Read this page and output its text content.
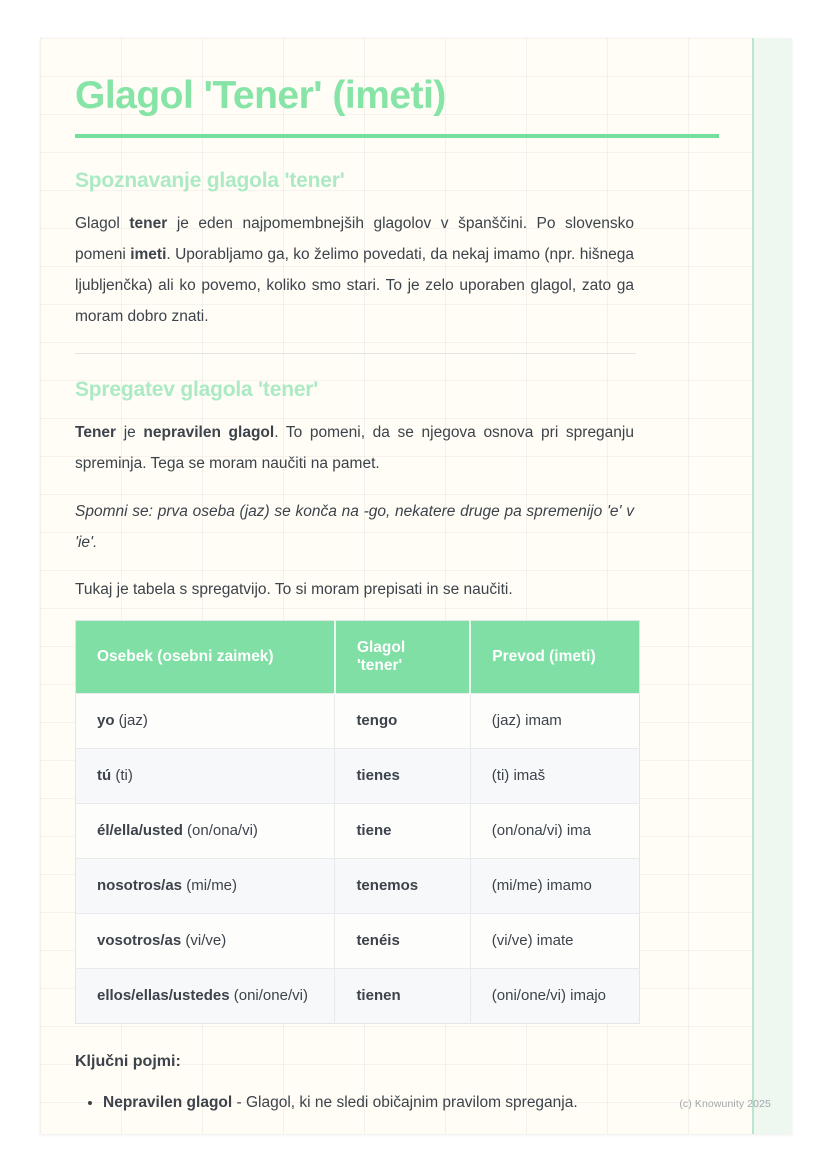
Glagol 'Tener' (imeti)
Spoznavanje glagola 'tener'

Glagol tener je eden najpomembnejših glagolov v španščini. Po slovensko pomeni imeti. Uporabljamo ga, ko želimo povedati, da nekaj imamo (npr. hišnega ljubljenčka) ali ko povemo, koliko smo stari. To je zelo uporaben glagol, zato ga moram dobro znati.

Spregatev glagola 'tener'

Tener je nepravilen glagol. To pomeni, da se njegova osnova pri spreganju spreminja. Tega se moram naučiti na pamet.

Spomni se: prva oseba (jaz) se konča na -go, nekatere druge pa spremenijo 'e' v 'ie'.

Tukaj je tabela s spregatvijo. To si moram prepisati in se naučiti.

Osebek (osebni zaimek)	Glagol 'tener'	Prevod (imeti)
yo (jaz)	tengo	(jaz) imam
tú (ti)	tienes	(ti) imaš
él/ella/usted (on/ona/vi)	tiene	(on/ona/vi) ima
nosotros/as (mi/me)	tenemos	(mi/me) imamo
vosotros/as (vi/ve)	tenéis	(vi/ve) imate
ellos/ellas/ustedes (oni/one/vi)	tienen	(oni/one/vi) imajo

Ključni pojmi:

• Nepravilen glagol - Glagol, ki ne sledi običajnim pravilom spreganja.	(c) Knowunity 2025
